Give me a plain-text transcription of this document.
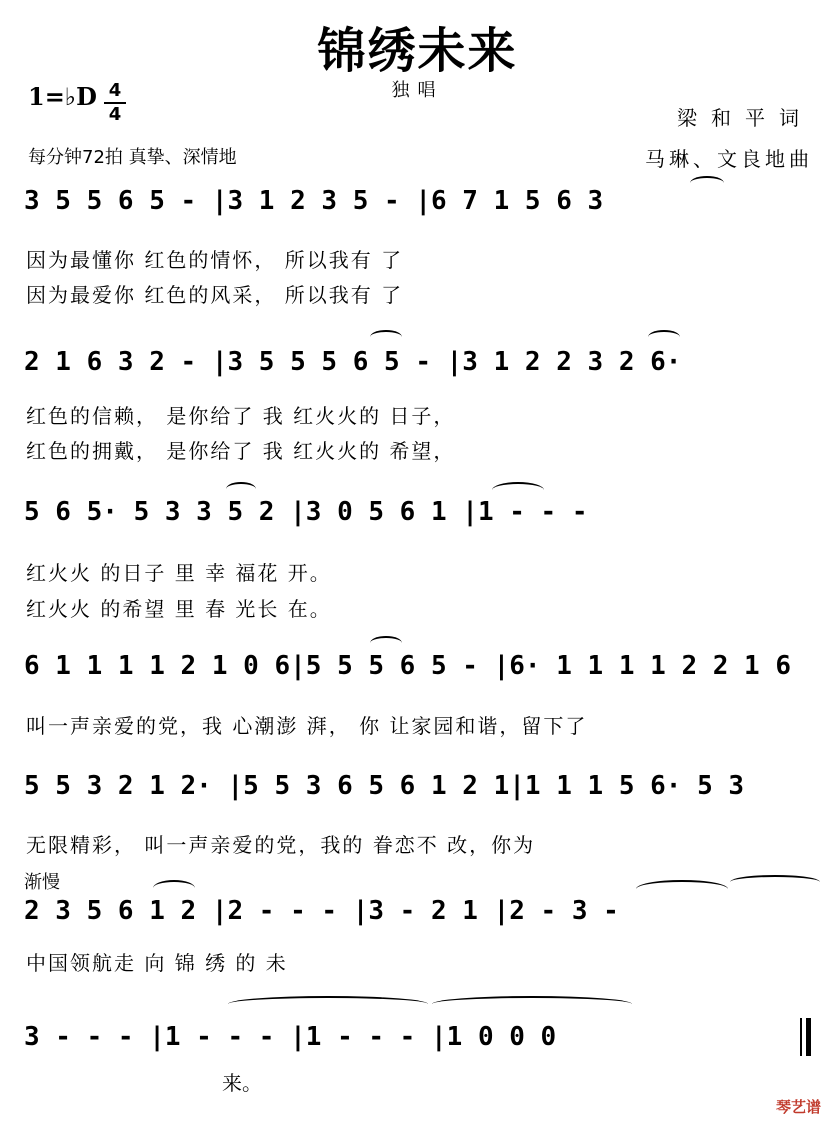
锦绣未来
独唱
1=♭D 4
4
每分钟72拍 真挚、深情地
梁和平词
马琳、文良地曲
3 5 5 6 5 - |3 1 2 3 5 - |6 7 1 5 6 3
因为最懂你 红色的情怀， 所以我有 了
因为最爱你 红色的风采， 所以我有 了
2 1 6 3 2 - |3 5 5 5 6 5 - |3 1 2 2 3 2 6·
红色的信赖， 是你给了 我 红火火的 日子，
红色的拥戴， 是你给了 我 红火火的 希望，
5 6 5· 5 3 3 5 2 |3 0 5 6 1 |1 - - -
红火火 的日子 里 幸 福花 开。
红火火 的希望 里 春 光长 在。
6 1 1 1 1 2 1 0 6|5 5 5 6 5 - |6· 1 1 1 1 2 2 1 6
叫一声亲爱的党，我 心潮澎 湃， 你 让家园和谐，留下了
5 5 3 2 1 2· |5 5 3 6 5 6 1 2 1|1 1 1 5 6· 5 3
无限精彩， 叫一声亲爱的党，我的 眷恋不 改，你为
渐慢
2 3 5 6 1 2 |2 - - - |3 - 2 1 |2 - 3 -
中国领航走 向 锦 绣 的 未
3 - - - |1 - - - |1 - - - |1 0 0 0
来。
琴艺谱
